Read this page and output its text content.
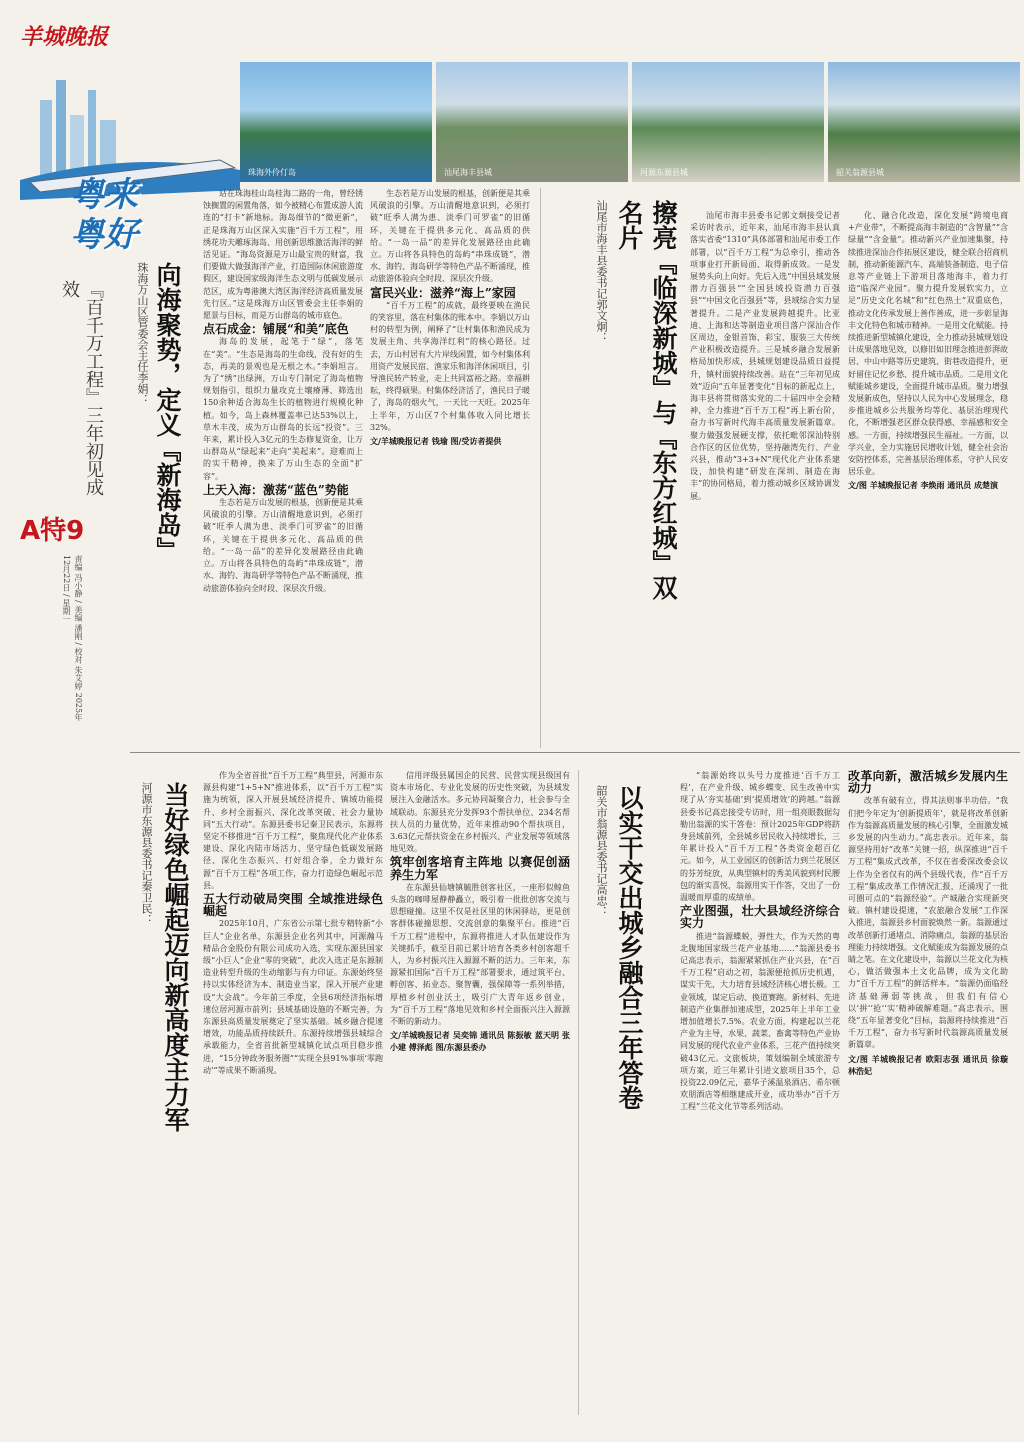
羊城晚报
粤来
粤好
珠海外伶仃岛	汕尾海丰县城	河源东源县城	韶关翁源县城
『百千万工程』三年初见成效
A特9
责编 冯小静 / 美编 潘刚 / 校对 朱艾婷 2025年12月22日 / 星期一
向海聚势，定义『新海岛』
珠海万山区管委会主任李娟：

站在珠海桂山岛桂海二路的一角，曾经锈蚀搁置的闲置角落，如今被精心布置成游人流连的“打卡”新地标。海岛细节的“微更新”，正是珠海万山区深入实施“百千万工程”，用绣花功夫雕琢海岛、用创新思维激活海洋的鲜活见证。“海岛资源是万山最宝贵的财富，我们要做大做强海洋产业，打造国际休闲旅游度假区，建设国家级海洋生态文明与低碳发展示范区，成为粤港澳大湾区海洋经济高质量发展先行区。”这是珠海万山区管委会主任李娟的愿景与目标，而是万山群岛的城市底色。

点石成金：铺展“和美”底色

海岛的发展，起笔于“绿”，落笔在“美”。“生态是海岛的生命线，没有好的生态，再美的景观也是无根之木。”李娟坦言。为了“绣”出绿洲，万山专门制定了海岛植物规划指引，组织力量攻克土壤瘠薄、筛选出150余种适合海岛生长的植物进行规模化种植。如今，岛上森林覆盖率已达53%以上，草木丰茂，成为万山群岛的长远“投资”。三年来，累计投入3亿元的生态修复资金，让万山群岛从“绿起来”走向“美起来”。迎难而上的实干精神，换来了万山生态的全面“扩容”。

上天入海：激荡“蓝色”势能

生态若是万山发展的根基，创新便是其乘风破浪的引擎。万山清醒地意识到，必须打破“旺季人满为患、淡季门可罗雀”的旧循环，关键在于提供多元化、高品质的供给。“一岛一品”的差异化发展路径由此确立。万山将各具特色的岛屿“串珠成链”，潜水、海钓、海岛研学等特色产品不断涌现，推动旅游体验向全时段、深层次升级。

生态若是万山发展的根基，创新便是其乘风破浪的引擎。万山清醒地意识到，必须打破“旺季人满为患、淡季门可罗雀”的旧循环，关键在于提供多元化、高品质的供给。“一岛一品”的差异化发展路径由此确立。万山将各具特色的岛屿“串珠成链”，潜水、海钓、海岛研学等特色产品不断涌现，推动旅游体验向全时段、深层次升级。

富民兴业：滋养“海上”家园

“百千万工程”的成就，最终要映在渔民的笑容里，落在村集体的账本中。李娟以万山村的转型为例，阐释了“让村集体和渔民成为发展主角、共享海洋红利”的核心路径。过去，万山村居有大片岸线闲置，如今村集体利用资产发展民宿、渔家乐和海洋休闲项目，引导渔民转产转业，走上共同富裕之路。幸福耕耘，终得硕果。村集体经济活了，渔民日子暖了，海岛的烟火气，一天比一天旺。2025年上半年，万山区7个村集体收入同比增长32%。

文/羊城晚报记者 钱瑜 图/受访者提供	擦亮『临深新城』与『东方红城』双名片
汕尾市海丰县委书记郭文炯：	汕尾市海丰县委书记郭文炯接受记者采访时表示，近年来，汕尾市海丰县认真落实省委“1310”具体部署和汕尾市委工作部署，以“百千万工程”为总牵引，推动各项事业打开新局面、取得新成效。一是发展势头向上向好。先后入选“中国县域发展潜力百强县”“全国县域投资潜力百强县”“中国文化百强县”等，县域综合实力显著提升。二是产业发展跨越提升。比亚迪、上海和达等制造业项目落户深汕合作区周边，金银首饰、彩宝、服装三大传统产业积极改造提升。三是城乡融合发展新格局加快形成，县城规划建设品质日益提升，镇村面貌持续改善。站在“三年初见成效”迈向“五年显著变化”目标的新起点上，海丰县将贯彻落实党的二十届四中全会精神，全力推进“百千万工程”再上新台阶，奋力书写新时代海丰高质量发展新篇章。聚力做强发展硬支撑，依托毗邻深汕特别合作区的区位优势，坚持融湾先行、产业兴县，推动“3+3+N”现代化产业体系建设，加快构建“研发在深圳、制造在海丰”的协同格局，着力推动城乡区域协调发展。

化、融合化改造，深化发展“跨境电商+产业带”，不断提高海丰制造的“含智量”“含绿量”“含金量”。推动新兴产业加速集聚，持续推进深汕合作拓展区建设，健全联合招商机制，推动新能源汽车、高端装备制造、电子信息等产业链上下游项目落地海丰，着力打造“临深产业园”。聚力提升发展软实力，立足“历史文化名城”和“红色热土”双重底色，推动文化传承发展上善作善成，进一步彰显海丰文化特色和城市精神。一是用文化赋能。持续推进新型城镇化建设，全力推动县城规划设计成果落地见效，以修旧如旧理念推进彭湃故居、中山中路等历史建筑、街巷改造提升，更好留住记忆乡愁、提升城市品质。二是用文化赋能城乡建设，全面提升城市品质。聚力增强发展新成色，坚持以人民为中心发展理念，稳步推进城乡公共服务均等化、基层治理现代化，不断增强老区群众获得感、幸福感和安全感。一方面，持续增强民生福祉。一方面，以学兴业，全力实施居民增收计划，健全社会治安防控体系，完善基层治理体系，守护人民安居乐业。

文/图 羊城晚报记者 李焕雨 通讯员 成楚演

当好绿色崛起迈向新高度主力军
河源市东源县委书记秦卫民：

作为全省首批“百千万工程”典型县，河源市东源县构建“1+5+N”推进体系，以“百千万工程”实施为统领，深入开展县域经济提升、镇域功能提升、乡村全面振兴、深化改革突破、社会力量协同“五大行动”。东源县委书记秦卫民表示，东源将坚定不移推进“百千万工程”，聚焦现代化产业体系建设、深化内陆市场活力、坚守绿色低碳发展路径、深化生态振兴、打好组合拳，全力做好东源“百千万工程”各项工作，奋力打造绿色崛起示范县。

五大行动破局突围 全域推进绿色崛起

2025年10月，广东省公示第七批专精特新“小巨人”企业名单，东源县企业名列其中，河源瀚马精品合金股份有限公司成功入选，实现东源县国家级“小巨人”企业“零的突破”，此次入选正是东源制造业转型升级的生动缩影与有力印证。东源始终坚持以实体经济为本、制造业当家，深入开展产业建设“大会战”。今年前三季度，全县6项经济指标增速位居河源市前列；县域基础设施的不断完善，为东源县高质量发展奠定了坚实基础。城乡融合提速增效，功能品质持续跃升。东源持续增强县城综合承载能力，全省首批新型城镇化试点项目稳步推进，“15分钟政务服务圈”“实现全县91%事项‘零跑动’”等成果不断涌现。

信用评级县属国企的民营、民营实现县级国有资本市场化、专业化发展的历史性突破，为县域发展注入金融活水。多元协同凝聚合力，社会参与全域联动。东源县充分发挥93个帮扶单位、234名帮扶人员的力量优势，近年来推动90个帮扶项目，3.63亿元帮扶资金在乡村振兴、产业发展等领域落地见效。

筑牢创客培育主阵地 以赛促创涵养生力军

在东源县仙塘镇毓胜创客社区，一座形似鲸鱼头盔的咖啡屋静静矗立，吸引着一批批创客交流与思想碰撞。这里不仅是社区里的休闲驿站，更是创客群体碰撞思想、交流创意的集聚平台。推进“百千万工程”进程中，东源将推进人才队伍建设作为关键抓手，截至目前已累计培育各类乡村创客超千人，为乡村振兴注入源源不断的活力。三年来，东源紧扣国际“百千万工程”部署要求，通过筑平台、孵创客、拓业态、聚智囊，强保障等一系列举措，厚植乡村创业沃土，吸引广大青年返乡创业，为“百千万工程”落地见效和乡村全面振兴注入源源不断的新动力。

文/羊城晚报记者 吴奕锦 通讯员 陈振敏 蓝天明 张小建 傅泽彪 图/东源县委办	以实干交出城乡融合三年答卷
韶关市翁源县委书记高忠：

“翁源始终以头号力度推进‘百千万工程’，在产业升级、城乡蝶变、民生改善中实现了从‘夯实基础’到‘提质增效’的跨越。”翁源县委书记高忠接受专访时，用一组亮眼数据勾勒出翁源的实干答卷：预计2025年GDP将跻身县域前列，全县城乡居民收入持续增长，三年累计投入“百千万工程”各类资金超百亿元。如今，从工业园区的创新活力到兰花展区的芬芳绽放，从典型镇村的秀美风貌到村民腰包的渐实喜悦，翁源用实干作答，交出了一份温暖而厚重的成绩单。

产业图强，壮大县域经济综合实力

推进“翁源蝶蜕，弹性大，作为天然的粤北腹地国家级兰花产业基地……”翁源县委书记高忠表示，翁源紧紧抓住产业兴县，在“百千万工程”启动之初，翁源便抢抓历史机遇，谋实干先，大力培育县域经济核心增长极。工业领域，谋定后动、换道赛跑。新材料、先进制造产业集群加速成型，2025年上半年工业增加值增长7.5%。农业方面，构建起以兰花产业为主导，水果、蔬菜、畜禽等特色产业协同发展的现代农业产业体系，三花产值持续突破43亿元。文旅板块，策划编制全域旅游专项方案，近三年累计引进文旅项目35个，总投资22.09亿元，嘉华子溪温泉酒店、希尔顿欢朋酒店等相继建成开业，成功举办“百千万工程”兰花文化节等系列活动。

改革向新，激活城乡发展内生动力

改革有破有立，得其法则事半功倍。“我们把今年定为‘创新提质年’，就是将改革创新作为翁源高质量发展的核心引擎，全面激发城乡发展的内生动力。”高忠表示。近年来，翁源坚持用好“改革”关键一招，纵深推进“百千万工程”集成式改革，不仅在省委深改委会议上作为全省仅有的两个县级代表，作“百千万工程”集成改革工作情况汇报，还涌现了一批可圈可点的“翁源经验”。产城融合实现新突破。镇村建设提速，“农旅融合发展”工作深入推进，翁源县乡村面貌焕然一新。翁源通过改革创新打通堵点、消除痛点，翁源的基层治理能力持续增强。文化赋能成为翁源发展的点睛之笔。在文化建设中，翁源以兰花文化为核心，做活做强本土文化品牌，成为文化助力“百千万工程”的鲜活样本。“翁源仍面临经济基础薄弱等挑战，但我们有信心以‘拼’‘抢’‘实’精神破解难题。”高忠表示，围绕“五年显著变化”目标，翁源将持续推进“百千万工程”，奋力书写新时代翁源高质量发展新篇章。

文/图 羊城晚报记者 欧阳志强 通讯员 徐璇 林浩妃
